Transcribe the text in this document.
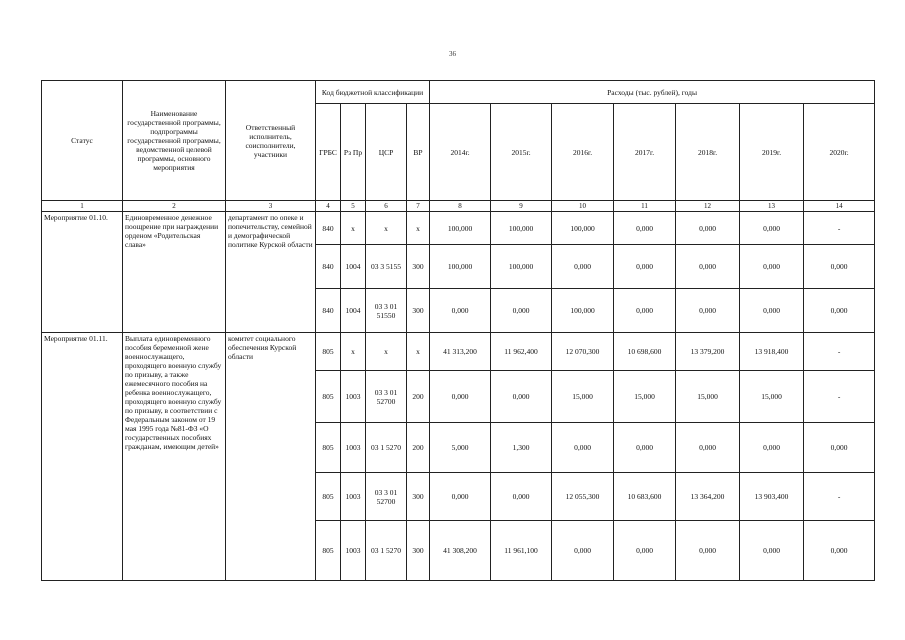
36
Статус	Наименование государственной программы, подпрограммы государственной программы, ведомственной целевой программы, основного мероприятия	Ответственный исполнитель, соисполнители, участники	Код бюджетной классификации				Расходы (тыс. рублей), годы						
			ГРБС	Рз Пр	ЦСР	ВР	2014г.	2015г.	2016г.	2017г.	2018г.	2019г.	2020г.
1	2	3	4	5	6	7	8	9	10	11	12	13	14
Мероприятие 01.10.	Единовременное денежное поощрение при награждении орденом «Родительская слава»	департамент по опеке и попечительству, семейной и демографической политике Курской области	840	x	x	x	100,000	100,000	100,000	0,000	0,000	0,000	-
			840	1004	03 3 5155	300	100,000	100,000	0,000	0,000	0,000	0,000	0,000
			840	1004	03 3 01 51550	300	0,000	0,000	100,000	0,000	0,000	0,000	0,000
Мероприятие 01.11.	Выплата единовременного пособия беременной жене военнослужащего, проходящего военную службу по призыву, а также ежемесячного пособия на ребенка военнослужащего, проходящего военную службу по призыву, в соответствии с Федеральным законом от 19 мая 1995 года №81-ФЗ «О государственных пособиях гражданам, имеющим детей»	комитет социального обеспечения Курской области	805	x	x	x	41 313,200	11 962,400	12 070,300	10 698,600	13 379,200	13 918,400	-
			805	1003	03 3 01 52700	200	0,000	0,000	15,000	15,000	15,000	15,000	-
			805	1003	03 1 5270	200	5,000	1,300	0,000	0,000	0,000	0,000	0,000
			805	1003	03 3 01 52700	300	0,000	0,000	12 055,300	10 683,600	13 364,200	13 903,400	-
			805	1003	03 1 5270	300	41 308,200	11 961,100	0,000	0,000	0,000	0,000	0,000
